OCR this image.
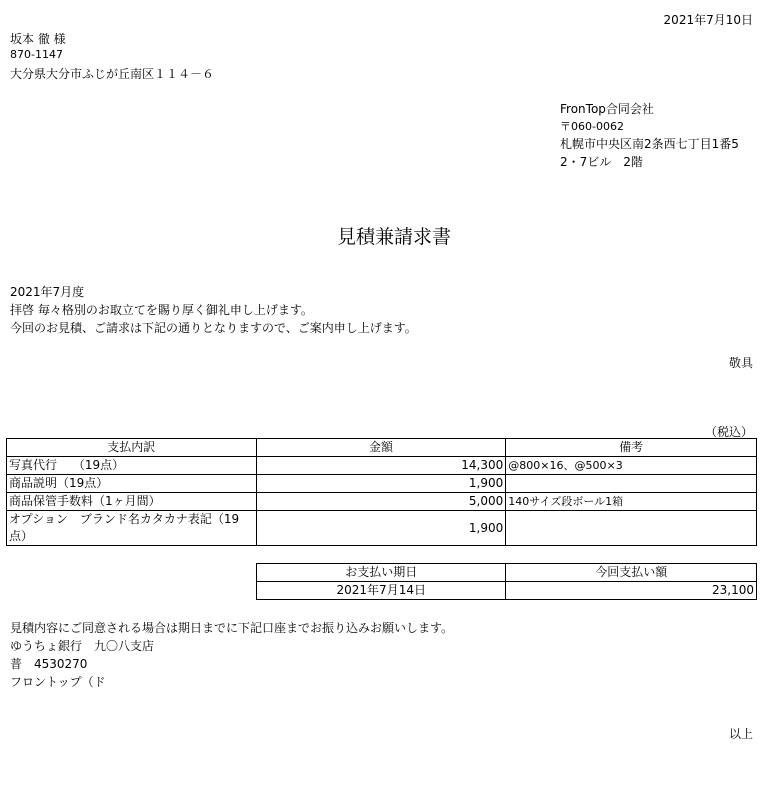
2021年7月10日
坂本 徹 様
870-1147
大分県大分市ふじが丘南区１１４－６
FronTop合同会社
〒060-0062
札幌市中央区南2条西七丁目1番5
2・7ビル　2階
見積兼請求書
2021年7月度
拝啓 毎々格別のお取立てを賜り厚く御礼申し上げます。
今回のお見積、ご請求は下記の通りとなりますので、ご案内申し上げます。
敬具
（税込）
支払内訳	金額	備考
写真代行　 （19点）	14,300	@800×16、@500×3
商品説明（19点）	1,900	
商品保管手数料（1ヶ月間）	5,000	140サイズ段ボール1箱
オプション　ブランド名カタカナ表記（19点）	1,900	
お支払い期日	今回支払い額
2021年7月14日	23,100
見積内容にご同意される場合は期日までに下記口座までお振り込みお願いします。
ゆうちょ銀行　九〇八支店
普　4530270
フロントップ（ド
以上
